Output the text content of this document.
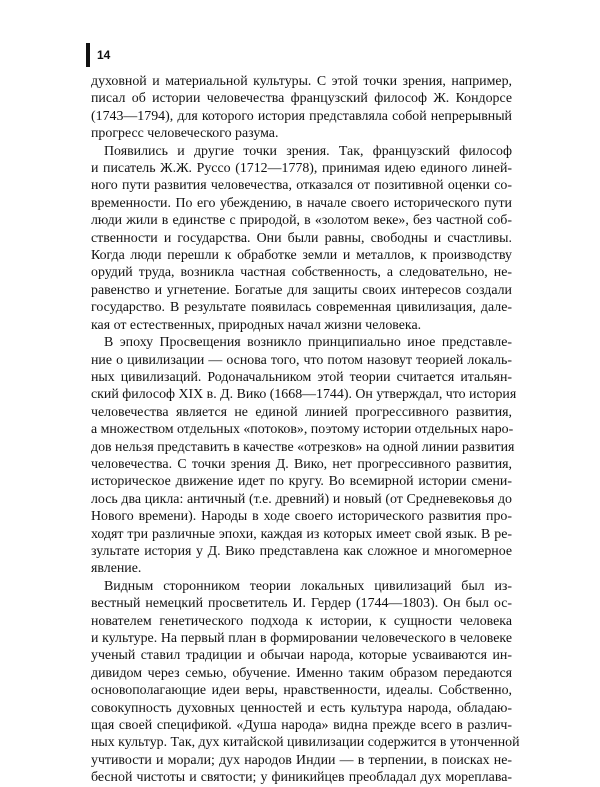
14
духовной и материальной культуры. С этой точки зрения, например,
писал об истории человечества французский философ Ж. Кондорсе
(1743—1794), для которого история представляла собой непрерывный
прогресс человеческого разума.
Появились и другие точки зрения. Так, французский философ
и писатель Ж.Ж. Руссо (1712—1778), принимая идею единого линей-
ного пути развития человечества, отказался от позитивной оценки со-
временности. По его убеждению, в начале своего исторического пути
люди жили в единстве с природой, в «золотом веке», без частной соб-
ственности и государства. Они были равны, свободны и счастливы.
Когда люди перешли к обработке земли и металлов, к производству
орудий труда, возникла частная собственность, а следовательно, не-
равенство и угнетение. Богатые для защиты своих интересов создали
государство. В результате появилась современная цивилизация, дале-
кая от естественных, природных начал жизни человека.
В эпоху Просвещения возникло принципиально иное представле-
ние о цивилизации — основа того, что потом назовут теорией локаль-
ных цивилизаций. Родоначальником этой теории считается итальян-
ский философ XIX в. Д. Вико (1668—1744). Он утверждал, что история
человечества является не единой линией прогрессивного развития,
а множеством отдельных «потоков», поэтому истории отдельных наро-
дов нельзя представить в качестве «отрезков» на одной линии развития
человечества. С точки зрения Д. Вико, нет прогрессивного развития,
историческое движение идет по кругу. Во всемирной истории смени-
лось два цикла: античный (т.е. древний) и новый (от Средневековья до
Нового времени). Народы в ходе своего исторического развития про-
ходят три различные эпохи, каждая из которых имеет свой язык. В ре-
зультате история у Д. Вико представлена как сложное и многомерное
явление.
Видным сторонником теории локальных цивилизаций был из-
вестный немецкий просветитель И. Гердер (1744—1803). Он был ос-
нователем генетического подхода к истории, к сущности человека
и культуре. На первый план в формировании человеческого в человеке
ученый ставил традиции и обычаи народа, которые усваиваются ин-
дивидом через семью, обучение. Именно таким образом передаются
основополагающие идеи веры, нравственности, идеалы. Собственно,
совокупность духовных ценностей и есть культура народа, обладаю-
щая своей спецификой. «Душа народа» видна прежде всего в различ-
ных культур. Так, дух китайской цивилизации содержится в утонченной
учтивости и морали; дух народов Индии — в терпении, в поисках не-
бесной чистоты и святости; у финикийцев преобладал дух мореплава-
